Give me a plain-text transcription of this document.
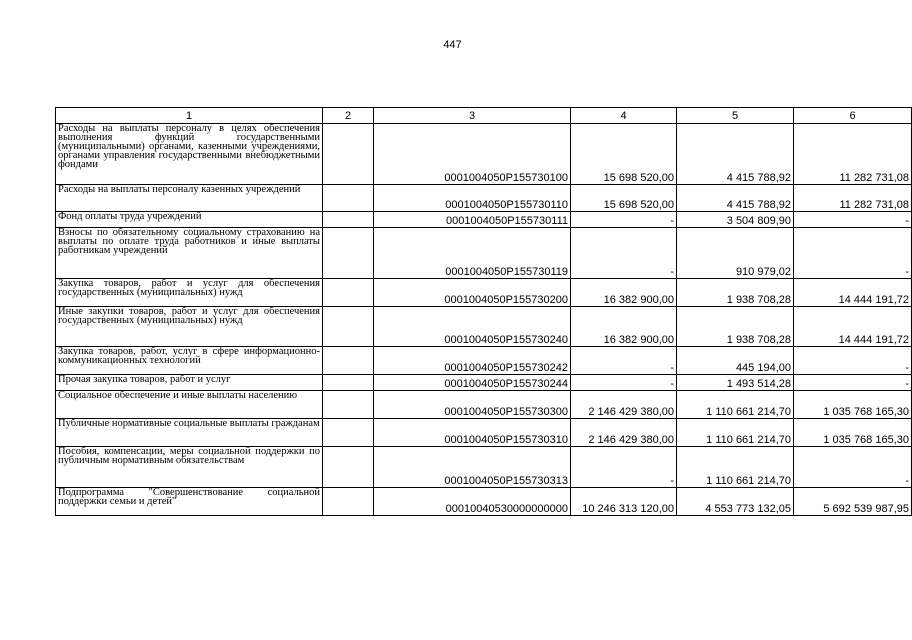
447
1	2	3	4	5	6
Расходы на выплаты персоналу в целях обеспечения выполнения функций государственными (муниципальными) органами, казенными учреждениями, органами управления государственными внебюджетными фондами		0001004050P155730100	15 698 520,00	4 415 788,92	11 282 731,08
Расходы на выплаты персоналу казенных учреждений		0001004050P155730110	15 698 520,00	4 415 788,92	11 282 731,08
Фонд оплаты труда учреждений		0001004050P155730111	-	3 504 809,90	-
Взносы по обязательному социальному страхованию на выплаты по оплате труда работников и иные выплаты работникам учреждений		0001004050P155730119	-	910 979,02	-
Закупка товаров, работ и услуг для обеспечения государственных (муниципальных) нужд		0001004050P155730200	16 382 900,00	1 938 708,28	14 444 191,72
Иные закупки товаров, работ и услуг для обеспечения государственных (муниципальных) нужд		0001004050P155730240	16 382 900,00	1 938 708,28	14 444 191,72
Закупка товаров, работ, услуг в сфере информационно-коммуникационных технологий		0001004050P155730242	-	445 194,00	-
Прочая закупка товаров, работ и услуг		0001004050P155730244	-	1 493 514,28	-
Социальное обеспечение и иные выплаты населению		0001004050P155730300	2 146 429 380,00	1 110 661 214,70	1 035 768 165,30
Публичные нормативные социальные выплаты гражданам		0001004050P155730310	2 146 429 380,00	1 110 661 214,70	1 035 768 165,30
Пособия, компенсации, меры социальной поддержки по публичным нормативным обязательствам		0001004050P155730313	-	1 110 661 214,70	-
Подпрограмма "Совершенствование социальной поддержки семьи и детей"		00010040530000000000	10 246 313 120,00	4 553 773 132,05	5 692 539 987,95
